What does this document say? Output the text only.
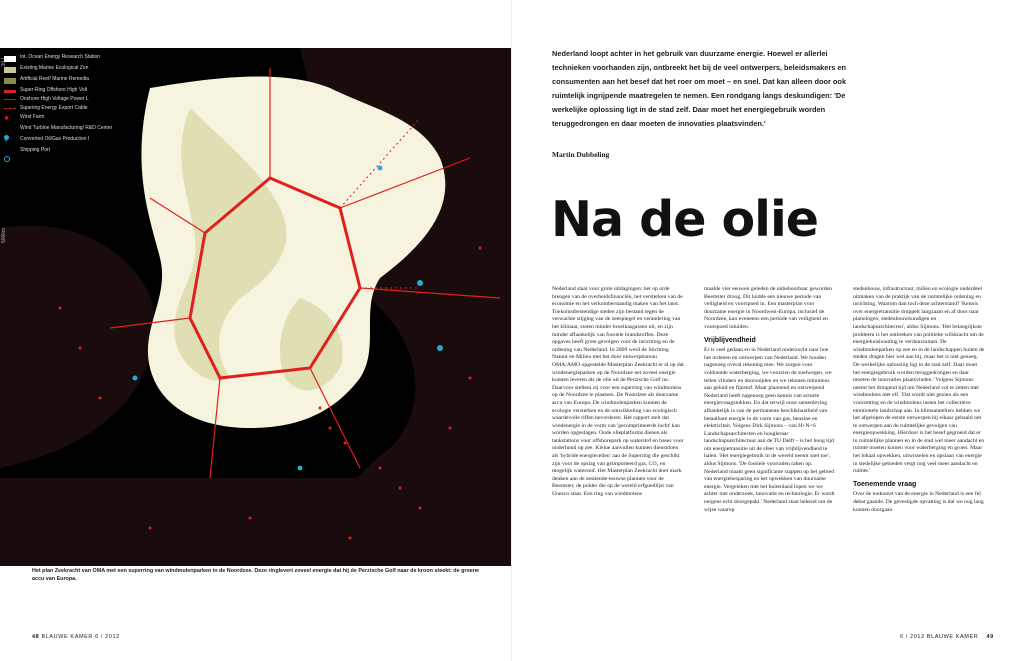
Int. Ocean Energy Research Station
Existing Marine Ecological Zon
Artificial Reef/ Marine Remedia
Super-Ring Offshore High Volt
Onshore High Voltage Power L
Supering Energy Export Cable
✱	Wind Farm
Wind Turbine Manufacturing/ R&D Center
+	Converted Oil/Gas Production I
Shipping Port
10 I
500km
Het plan Zeekracht van OMA met een superring van windmolenparken in de Noordzee. Deze ringlevert zoveel energie dat hij de Perzische Golf naar de kroon steekt: de groene accu van Europa.
48 BLAUWE KAMER 6 / 2012
Nederland loopt achter in het gebruik van duurzame energie. Hoewel er allerlei technieken voorhanden zijn, ontbreekt het bij de veel ontwerpers, beleidsmakers en consumenten aan het besef dat het roer om moet – en snel. Dat kan alleen door ook ruimtelijk ingrijpende maatregelen te nemen. Een rondgang langs deskundigen: 'De werkelijke oplossing ligt in de stad zelf. Daar moet het energiegebruik worden teruggedrongen en daar moeten de innovaties plaatsvinden.'
Martin Dubbeling
Na de olie

Nederland staat voor grote uitdagingen: het op orde brengen van de overheidsfinanciën, het versterken van de economie en het verkomberstandig maken van het land. Toekomstbestendige steden zijn bestand tegen de verwachte stijging van de zeespiegel en verandering van het klimaat, stoten minder broeikasgassen uit, en zijn minder afhankelijk van fossiele brandstoffen. Deze opgaves heeft grote gevolgen voor de inrichting en de ordening van Nederland. In 2009 werd de Stichting Natuur en Milieu met het door ontwerpbureau OMA/AMO opgestelde Masterplan Zeekracht er al op dat windenergieparken op de Noordzee net zoveel energie kunnen leveren als de olie uit de Perzische Golf nu. Daarvoor stelleni zij voor een superring van windmolens op de Noordzee te plaatsen. De Noordzee als duurzame accu van Europa. De windmolenparken kunnen de ecologie versterken en de ontwikkeling van ecologisch waardevolle riffen bevorderen. Het rapport stelt dat windenergie in de vorm van 'gecomprimeerde lucht' kan worden opgeslagen. Oude olieplatforms dienen als tankstations voor offshorepark op waterstof en bases voor onderhoud op zee. Kleine aanvullen kunnen dienstdoen als 'hybride energiecellen' aan de Superring die geschikt zijn voor de opslag van geïmporteerd gas, CO₂ en mogelijk waterstof. Het Masterplan Zeekracht doet mark denken aan de zestiende-eeuwse plannen voor de Beemster, de polder die op de wereld erfgoedlijst van Unesco staat. Een ring van windmolens

maalde vier eeuwen geleden de onbehoorbaar geworden Beemster droog. Dit luidde een nieuwe periode van veiligheid en voorspoed in. Een masterplan voor duurzame energie in Noordwest-Europa, inclusief de Noordzee, kan eveneens een periode van veiligheid en voorspoed inluiden.

Vrijblijvendheid

Er is veel gedaan en in Nederland onderzocht naar hoe het ordenen en ontwerpen van Nederland. We houden nagenoeg overal rekening mee. We zorgen voor voldoende waterberging, we voorzien de snelwegen, we tellen vlinders en doorsnijden en we rekenen minutieus aan geluid en fijnstof. Maar plannend en ontwerpend Nederland heeft nagenoeg geen kennis van actuele energievraagstukken. En dat terwijl onze samenleving afhankelijk is van de permanente beschikbaarheid van betaalbare energie in de vorm van gas, benzine en elektriciteit. Volgens Dirk Sijmons – van H+N+S Landschapsarchitecten en hoogleraar landschapsarchitectuur aan de TU Delft – is het hoog tijd om energietransitie uit de sfeer van vrijblijvendheid te halen. 'Het energiegebruik in de wereld neemt snel toe', aldus Sijmons. 'De fossiele voorraden raken op. Nederland maakt geen significante stappen op het gebied van energiebesparing en het opwekken van duurzame energie. Vergeleken met het buitenland lopen we we achter met onderzoek, innovatie en technologie. Er wordt nergens echt doorgepakt.' Nederland staat bekend om de wijze waarop

stedenbouw, infrastructuur, milieu en ecologie onderdeel uitmaken van de praktijk van de ruimtelijke ordening en inrichting. Waarom dan toch deze achterstand? 'Kennis over energietransitie druppelt langzaam en af door naar planologen, stedenbouwkundigen en landschapsarchitecten', aldus Sijmons. 'Het belangrijkste probleem is het ontbreken van politieke wilskracht om de energiehuishouding te verduurzamen. De windmolenparken op zee en in de landschappen buiten de steden dragen hier wel aan bij, maar het is niet genoeg. De werkelijke oplossing ligt in de stad zelf. Daar moet het energiegebruik worden teruggedrongen en daar moeten de innovaties plaatsvinden.' Volgens Sijmons neemt het dringend tijd om Nederland vol te zetten met windmolens met elf. 'Dat wordt niet gezien als een voorzetting en de windmolens tasten het collectieve emotionele landschap aan. In klimaatateliers hebben we het afgelopen de eerste ontwerpen bij elkaar gehaald om te ontwerpen aan de ruimtelijke gevolgen van energieopwekking. Hierdoor is het besef gegroeid dat er in ruimtelijke plannen en in de stad wel meer aandacht en ruimte moeten komen voor waterberging en groen. Maar het lokaal opwekken, uitwisselen en opslaan van energie in stedelijke gebieden vergt nog veel meer aandacht en ruimte.'

Toenemende vraag

Over de toekomst van de energie in Nederland is een fel debat gaande. De gevestigde opvatting is dat we nog lang kunnen doorgaan

6 / 2012 BLAUWE KAMER 49
